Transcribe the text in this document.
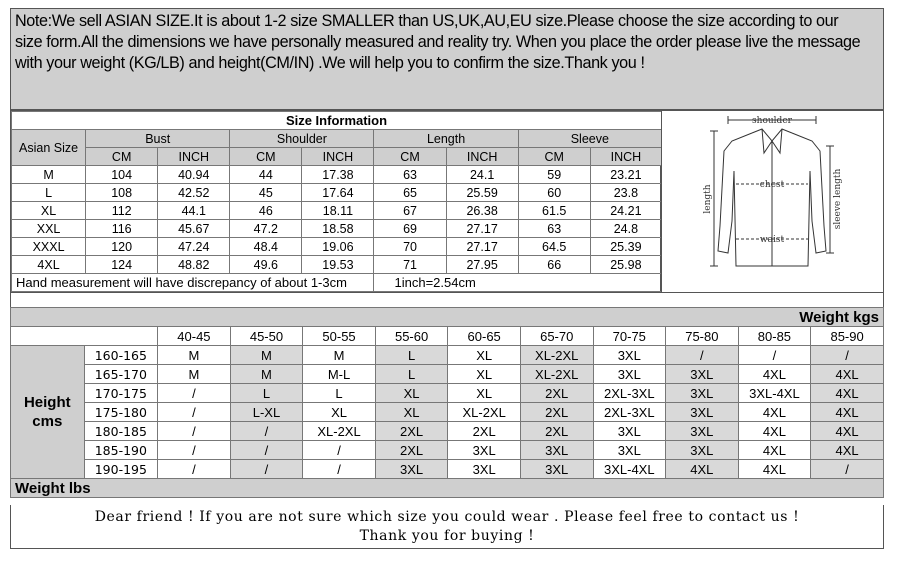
Note:We sell ASIAN SIZE.It is about 1-2 size SMALLER than US,UK,AU,EU size.Please choose the size according to our
size form.All the dimensions we have personally measured and reality try. When you place the order please live the message
with your weight (KG/LB) and height(CM/IN) .We will help you to confirm the size.Thank you !
Size Information								
Asian Size	Bust		Shoulder		Length		Sleeve	
	CM	INCH	CM	INCH	CM	INCH	CM	INCH
M	104	40.94	44	17.38	63	24.1	59	23.21
L	108	42.52	45	17.64	65	25.59	60	23.8
XL	112	44.1	46	18.11	67	26.38	61.5	24.21
XXL	116	45.67	47.2	18.58	69	27.17	63	24.8
XXXL	120	47.24	48.4	19.06	70	27.17	64.5	25.39
4XL	124	48.82	49.6	19.53	71	27.95	66	25.98
Hand measurement will have discrepancy of about 1-3cm					1inch=2.54cm			
shoulder
chest
waist
length	sleeve length
Weight kgs											
		40-45	45-50	50-55	55-60	60-65	65-70	70-75	75-80	80-85	85-90

Height
cms	160-165	M	M	M	L	XL	XL-2XL	3XL	/	/	/
	165-170	M	M	M-L	L	XL	XL-2XL	3XL	3XL	4XL	4XL
	170-175	/	L	L	XL	XL	2XL	2XL-3XL	3XL	3XL-4XL	4XL
	175-180	/	L-XL	XL	XL	XL-2XL	2XL	2XL-3XL	3XL	4XL	4XL
	180-185	/	/	XL-2XL	2XL	2XL	2XL	3XL	3XL	4XL	4XL
	185-190	/	/	/	2XL	3XL	3XL	3XL	3XL	4XL	4XL
	190-195	/	/	/	3XL	3XL	3XL	3XL-4XL	4XL	4XL	/
Weight lbs											
Dear friend ! If you are not sure which size you could wear . Please feel free to contact us !
Thank you for buying !
